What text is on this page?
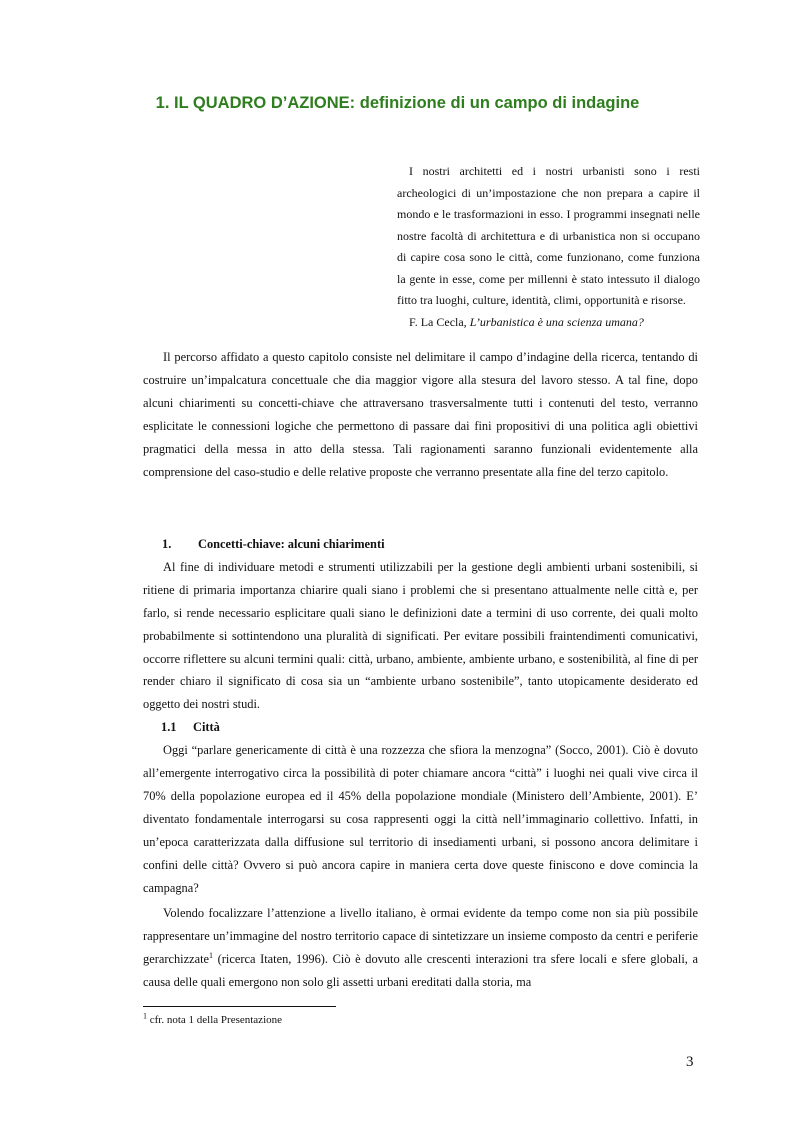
1. IL QUADRO D’AZIONE: definizione di un campo di indagine

I nostri architetti ed i nostri urbanisti sono i resti archeologici di un’impostazione che non prepara a capire il mondo e le trasformazioni in esso. I programmi insegnati nelle nostre facoltà di architettura e di urbanistica non si occupano di capire cosa sono le città, come funzionano, come funziona la gente in esse, come per millenni è stato intessuto il dialogo fitto tra luoghi, culture, identità, climi, opportunità e risorse.

F. La Cecla, L’urbanistica è una scienza umana?

Il percorso affidato a questo capitolo consiste nel delimitare il campo d’indagine della ricerca, tentando di costruire un’impalcatura concettuale che dia maggior vigore alla stesura del lavoro stesso. A tal fine, dopo alcuni chiarimenti su concetti-chiave che attraversano trasversalmente tutti i contenuti del testo, verranno esplicitate le connessioni logiche che permettono di passare dai fini propositivi di una politica agli obiettivi pragmatici della messa in atto della stessa. Tali ragionamenti saranno funzionali evidentemente alla comprensione del caso-studio e delle relative proposte che verranno presentate alla fine del terzo capitolo.

1. Concetti-chiave: alcuni chiarimenti

Al fine di individuare metodi e strumenti utilizzabili per la gestione degli ambienti urbani sostenibili, si ritiene di primaria importanza chiarire quali siano i problemi che si presentano attualmente nelle città e, per farlo, si rende necessario esplicitare quali siano le definizioni date a termini di uso corrente, dei quali molto probabilmente si sottintendono una pluralità di significati. Per evitare possibili fraintendimenti comunicativi, occorre riflettere su alcuni termini quali: città, urbano, ambiente, ambiente urbano, e sostenibilità, al fine di per render chiaro il significato di cosa sia un “ambiente urbano sostenibile”, tanto utopicamente desiderato ed oggetto dei nostri studi.

1.1 Città

Oggi “parlare genericamente di città è una rozzezza che sfiora la menzogna” (Socco, 2001). Ciò è dovuto all’emergente interrogativo circa la possibilità di poter chiamare ancora “città” i luoghi nei quali vive circa il 70% della popolazione europea ed il 45% della popolazione mondiale (Ministero dell’Ambiente, 2001). E’ diventato fondamentale interrogarsi su cosa rappresenti oggi la città nell’immaginario collettivo. Infatti, in un’epoca caratterizzata dalla diffusione sul territorio di insediamenti urbani, si possono ancora delimitare i confini delle città? Ovvero si può ancora capire in maniera certa dove queste finiscono e dove comincia la campagna?

Volendo focalizzare l’attenzione a livello italiano, è ormai evidente da tempo come non sia più possibile rappresentare un’immagine del nostro territorio capace di sintetizzare un insieme composto da centri e periferie gerarchizzate$^1$ (ricerca Itaten, 1996). Ciò è dovuto alle crescenti interazioni tra sfere locali e sfere globali, a causa delle quali emergono non solo gli assetti urbani ereditati dalla storia, ma

$^1$ cfr. nota 1 della Presentazione

3
